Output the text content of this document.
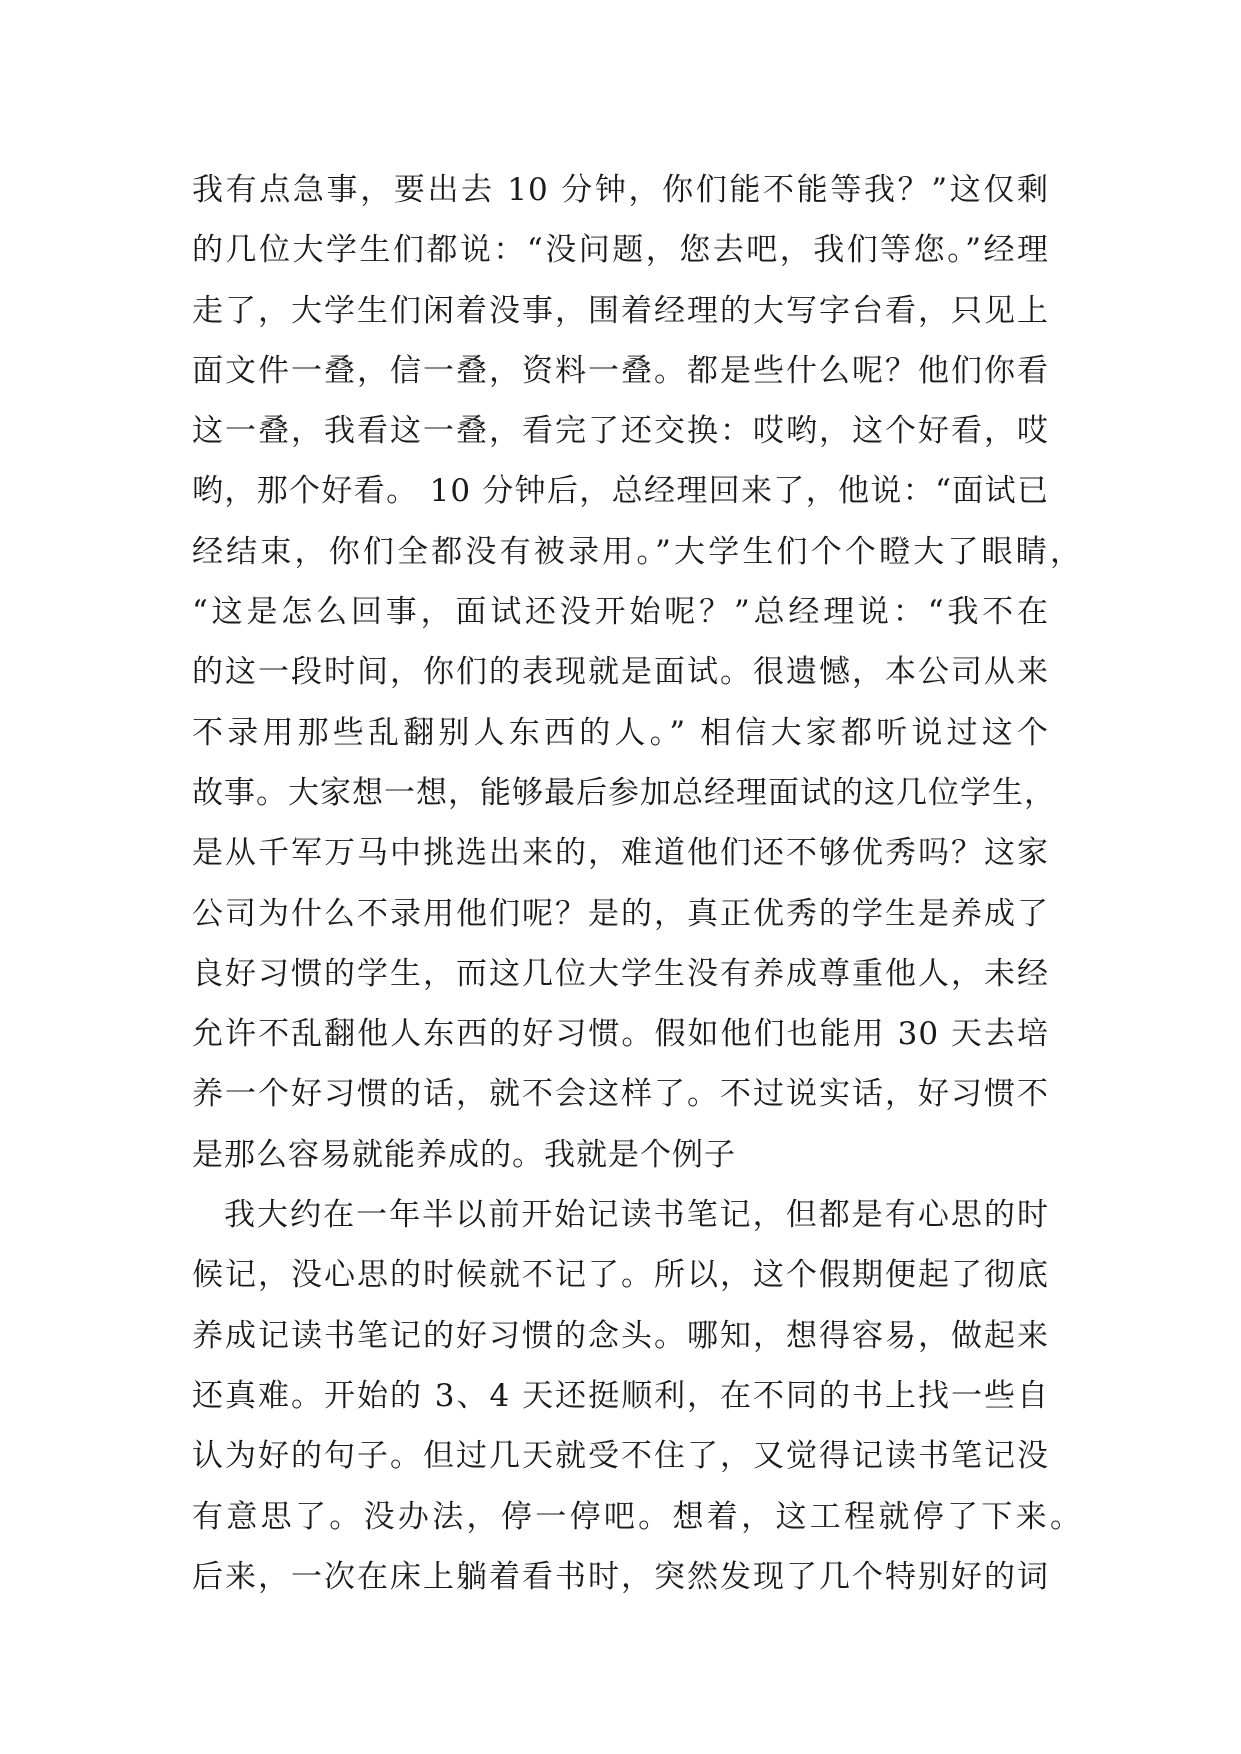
我有点急事，要出去 10 分钟，你们能不能等我？”这仅剩
的几位大学生们都说：“没问题，您去吧，我们等您。”经理
走了，大学生们闲着没事，围着经理的大写字台看，只见上
面文件一叠，信一叠，资料一叠。都是些什么呢？他们你看
这一叠，我看这一叠，看完了还交换：哎哟，这个好看，哎
哟，那个好看。 10 分钟后，总经理回来了，他说：“面试已
经结束，你们全都没有被录用。”大学生们个个瞪大了眼睛，
“这是怎么回事，面试还没开始呢？”总经理说：“我不在
的这一段时间，你们的表现就是面试。很遗憾，本公司从来
不录用那些乱翻别人东西的人。” 相信大家都听说过这个
故事。大家想一想，能够最后参加总经理面试的这几位学生，
是从千军万马中挑选出来的，难道他们还不够优秀吗？这家
公司为什么不录用他们呢？是的，真正优秀的学生是养成了
良好习惯的学生，而这几位大学生没有养成尊重他人，未经
允许不乱翻他人东西的好习惯。假如他们也能用 30 天去培
养一个好习惯的话，就不会这样了。不过说实话，好习惯不
是那么容易就能养成的。我就是个例子
我大约在一年半以前开始记读书笔记，但都是有心思的时
候记，没心思的时候就不记了。所以，这个假期便起了彻底
养成记读书笔记的好习惯的念头。哪知，想得容易，做起来
还真难。开始的 3、4 天还挺顺利，在不同的书上找一些自
认为好的句子。但过几天就受不住了，又觉得记读书笔记没
有意思了。没办法，停一停吧。想着，这工程就停了下来。
后来，一次在床上躺着看书时，突然发现了几个特别好的词
